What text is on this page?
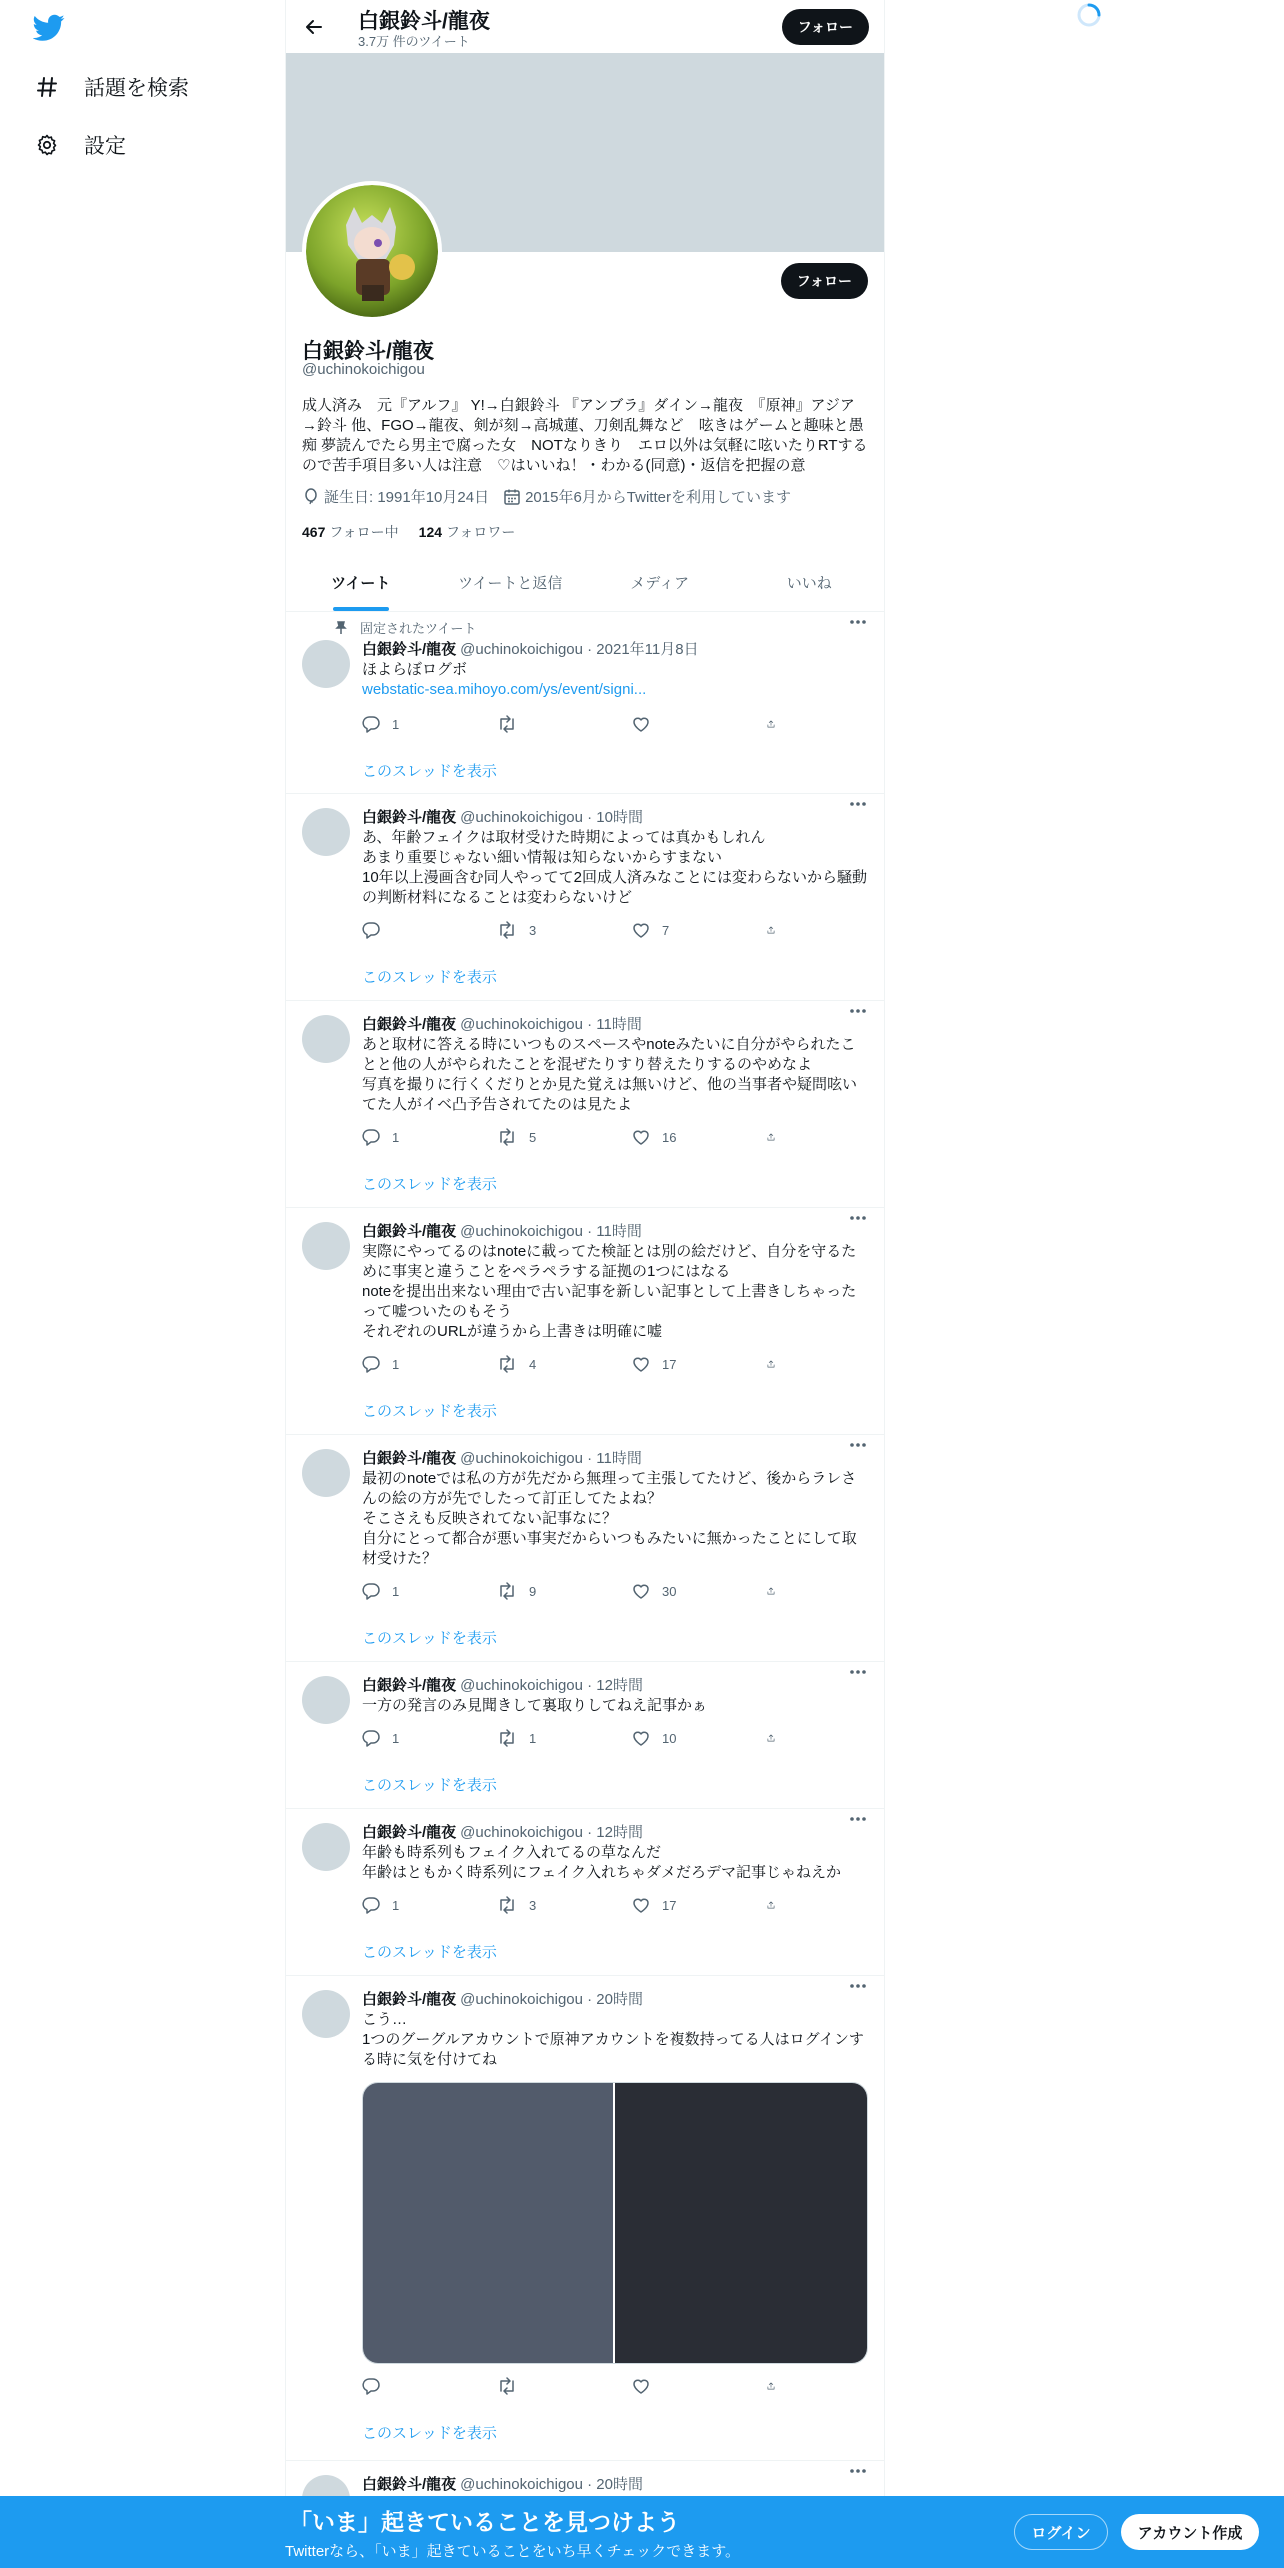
話題を検索
設定
白銀鈴斗/龍夜
3.7万 件のツイート
フォロー
フォロー
白銀鈴斗/龍夜
@uchinokoichigou
成人済み　元『アルフ』 Y!→白銀鈴斗 『アンブラ』ダイン→龍夜　『原神』アジア→鈴斗 他、FGO→龍夜、剣が刻→高城蓮、刀剣乱舞など　呟きはゲームと趣味と愚痴 夢読んでたら男主で腐った女　NOTなりきり　エロ以外は気軽に呟いたりRTするので苦手項目多い人は注意　♡はいいね！・わかる(同意)・返信を把握の意
誕生日: 1991年10月24日 2015年6月からTwitterを利用しています
467 フォロー中 124 フォロワー
ツイート	ツイートと返信	メディア	いいね
固定されたツイート
白銀鈴斗/龍夜 @uchinokoichigou · 2021年11月8日
ほよらぼログボ
webstatic-sea.mihoyo.com/ys/event/signi...
1
このスレッドを表示
白銀鈴斗/龍夜 @uchinokoichigou · 10時間
あ、年齢フェイクは取材受けた時期によっては真かもしれん
あまり重要じゃない細い情報は知らないからすまない
10年以上漫画含む同人やってて2回成人済みなことには変わらないから騒動の判断材料になることは変わらないけど
3	7
このスレッドを表示
白銀鈴斗/龍夜 @uchinokoichigou · 11時間
あと取材に答える時にいつものスペースやnoteみたいに自分がやられたことと他の人がやられたことを混ぜたりすり替えたりするのやめなよ
写真を撮りに行くくだりとか見た覚えは無いけど、他の当事者や疑問呟いてた人がイベ凸予告されてたのは見たよ
1	5	16
このスレッドを表示
白銀鈴斗/龍夜 @uchinokoichigou · 11時間
実際にやってるのはnoteに載ってた検証とは別の絵だけど、自分を守るために事実と違うことをペラペラする証拠の1つにはなる
noteを提出出来ない理由で古い記事を新しい記事として上書きしちゃったって嘘ついたのもそう
それぞれのURLが違うから上書きは明確に嘘
1	4	17
このスレッドを表示
白銀鈴斗/龍夜 @uchinokoichigou · 11時間
最初のnoteでは私の方が先だから無理って主張してたけど、後からラレさんの絵の方が先でしたって訂正してたよね？
そこさえも反映されてない記事なに？
自分にとって都合が悪い事実だからいつもみたいに無かったことにして取材受けた？
1	9	30
このスレッドを表示
白銀鈴斗/龍夜 @uchinokoichigou · 12時間
一方の発言のみ見聞きして裏取りしてねえ記事かぁ
1	1	10
このスレッドを表示
白銀鈴斗/龍夜 @uchinokoichigou · 12時間
年齢も時系列もフェイク入れてるの草なんだ
年齢はともかく時系列にフェイク入れちゃダメだろデマ記事じゃねえか
1	3	17
このスレッドを表示
白銀鈴斗/龍夜 @uchinokoichigou · 20時間
こう…
1つのグーグルアカウントで原神アカウントを複数持ってる人はログインする時に気を付けてね
このスレッドを表示
白銀鈴斗/龍夜 @uchinokoichigou · 20時間
「いま」起きていることを見つけよう
Twitterなら、「いま」起きていることをいち早くチェックできます。
ログイン	アカウント作成
